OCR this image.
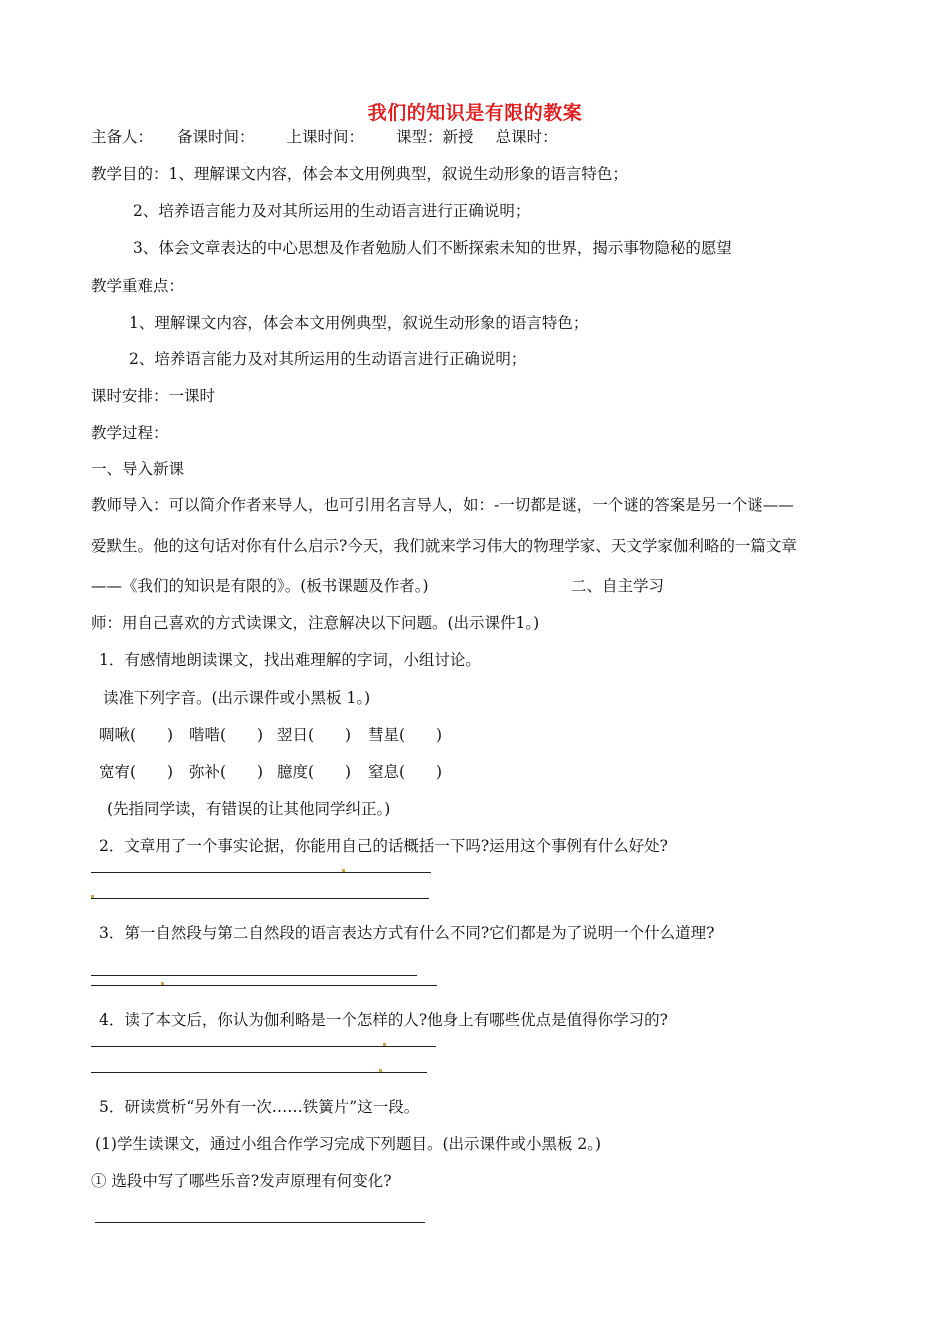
我们的知识是有限的教案
主备人： 备课时间： 上课时间： 课型：新授 总课时：
教学目的：1、理解课文内容，体会本文用例典型，叙说生动形象的语言特色；
2、培养语言能力及对其所运用的生动语言进行正确说明；
3、体会文章表达的中心思想及作者勉励人们不断探索未知的世界，揭示事物隐秘的愿望
教学重难点：
1、理解课文内容，体会本文用例典型，叙说生动形象的语言特色；
2、培养语言能力及对其所运用的生动语言进行正确说明；
课时安排：一课时
教学过程：
一、导入新课
教师导入：可以简介作者来导人，也可引用名言导人，如：-一切都是谜，一个谜的答案是另一个谜——
爱默生。他的这句话对你有什么启示?今天，我们就来学习伟大的物理学家、天文学家伽利略的一篇文章
——《我们的知识是有限的》。(板书课题及作者。)	二、自主学习
师：用自己喜欢的方式读课文，注意解决以下问题。(出示课件1。)
1．有感情地朗读课文，找出难理解的字词，小组讨论。
读准下列字音。(出示课件或小黑板 1。)
啁啾(　　) 喈喈(　　) 翌日(　　) 彗星(　　)
宽宥(　　) 弥补(　　) 臆度(　　) 窒息(　　)
(先指同学读，有错误的让其他同学纠正。)
2．文章用了一个事实论据，你能用自己的话概括一下吗?运用这个事例有什么好处?
3．第一自然段与第二自然段的语言表达方式有什么不同?它们都是为了说明一个什么道理?
4．读了本文后，你认为伽利略是一个怎样的人?他身上有哪些优点是值得你学习的?
5．研读赏析“另外有一次……铁簧片”这一段。
(1)学生读课文，通过小组合作学习完成下列题目。(出示课件或小黑板 2。)
① 选段中写了哪些乐音?发声原理有何变化?
